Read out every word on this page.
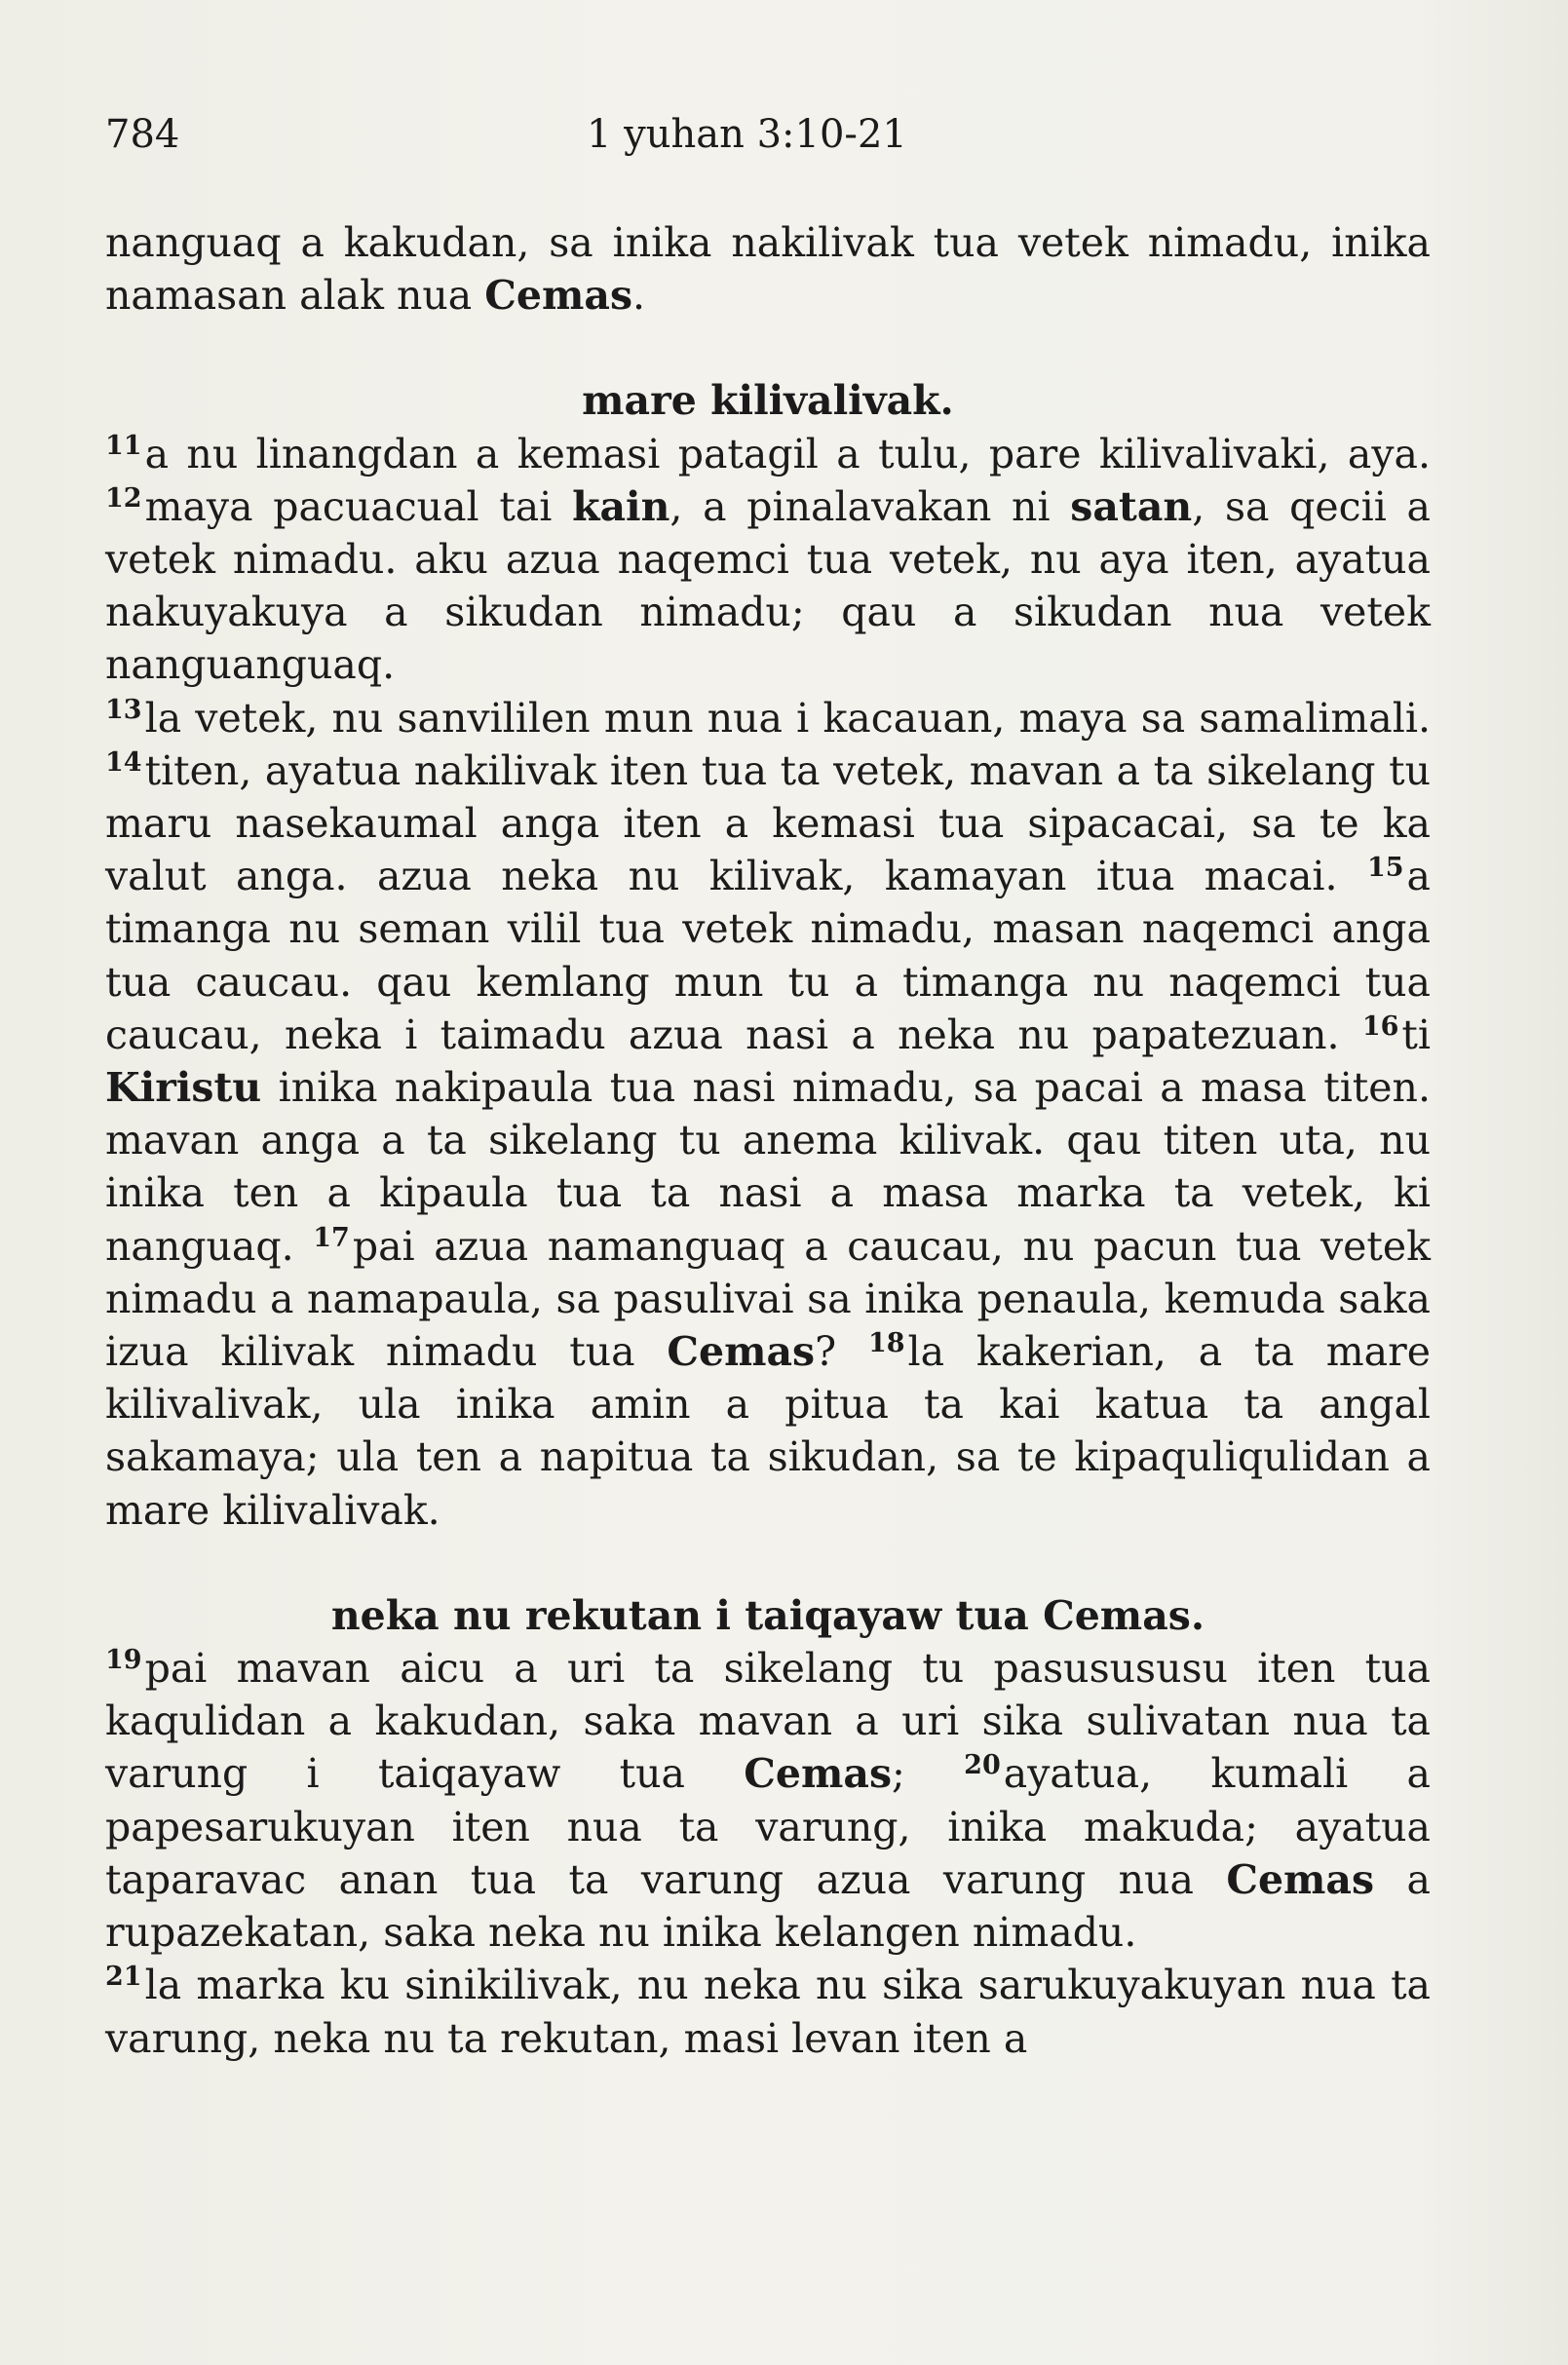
784	1 yuhan 3:10-21

nanguaq a kakudan, sa inika nakilivak tua vetek nimadu, inika namasan alak nua Cemas.

mare kilivalivak.

$^{11}$a nu linangdan a kemasi patagil a tulu, pare kilivalivaki, aya. $^{12}$maya pacuacual tai kain, a pinalavakan ni satan, sa qecii a vetek nimadu. aku azua naqemci tua vetek, nu aya iten, ayatua nakuyakuya a sikudan nimadu; qau a sikudan nua vetek nanguanguaq.

$^{13}$la vetek, nu sanvililen mun nua i kacauan, maya sa samalimali. $^{14}$titen, ayatua nakilivak iten tua ta vetek, mavan a ta sikelang tu maru nasekaumal anga iten a kemasi tua sipacacai, sa te ka valut anga. azua neka nu kilivak, kamayan itua macai. $^{15}$a timanga nu seman vilil tua vetek nimadu, masan naqemci anga tua caucau. qau kemlang mun tu a timanga nu naqemci tua caucau, neka i taimadu azua nasi a neka nu papatezuan. $^{16}$ti Kiristu inika nakipaula tua nasi nimadu, sa pacai a masa titen. mavan anga a ta sikelang tu anema kilivak. qau titen uta, nu inika ten a kipaula tua ta nasi a masa marka ta vetek, ki nanguaq. $^{17}$pai azua namanguaq a caucau, nu pacun tua vetek nimadu a namapaula, sa pasulivai sa inika penaula, kemuda saka izua kilivak nimadu tua Cemas? $^{18}$la kakerian, a ta mare kilivalivak, ula inika amin a pitua ta kai katua ta angal sakamaya; ula ten a napitua ta sikudan, sa te kipaquliqulidan a mare kilivalivak.

neka nu rekutan i taiqayaw tua Cemas.

$^{19}$pai mavan aicu a uri ta sikelang tu pasusususu iten tua kaqulidan a kakudan, saka mavan a uri sika sulivatan nua ta varung i taiqayaw tua Cemas; $^{20}$ayatua, kumali a papesarukuyan iten nua ta varung, inika makuda; ayatua taparavac anan tua ta varung azua varung nua Cemas a rupazekatan, saka neka nu inika kelangen nimadu.

$^{21}$la marka ku sinikilivak, nu neka nu sika sarukuyakuyan nua ta varung, neka nu ta rekutan, masi levan iten a
